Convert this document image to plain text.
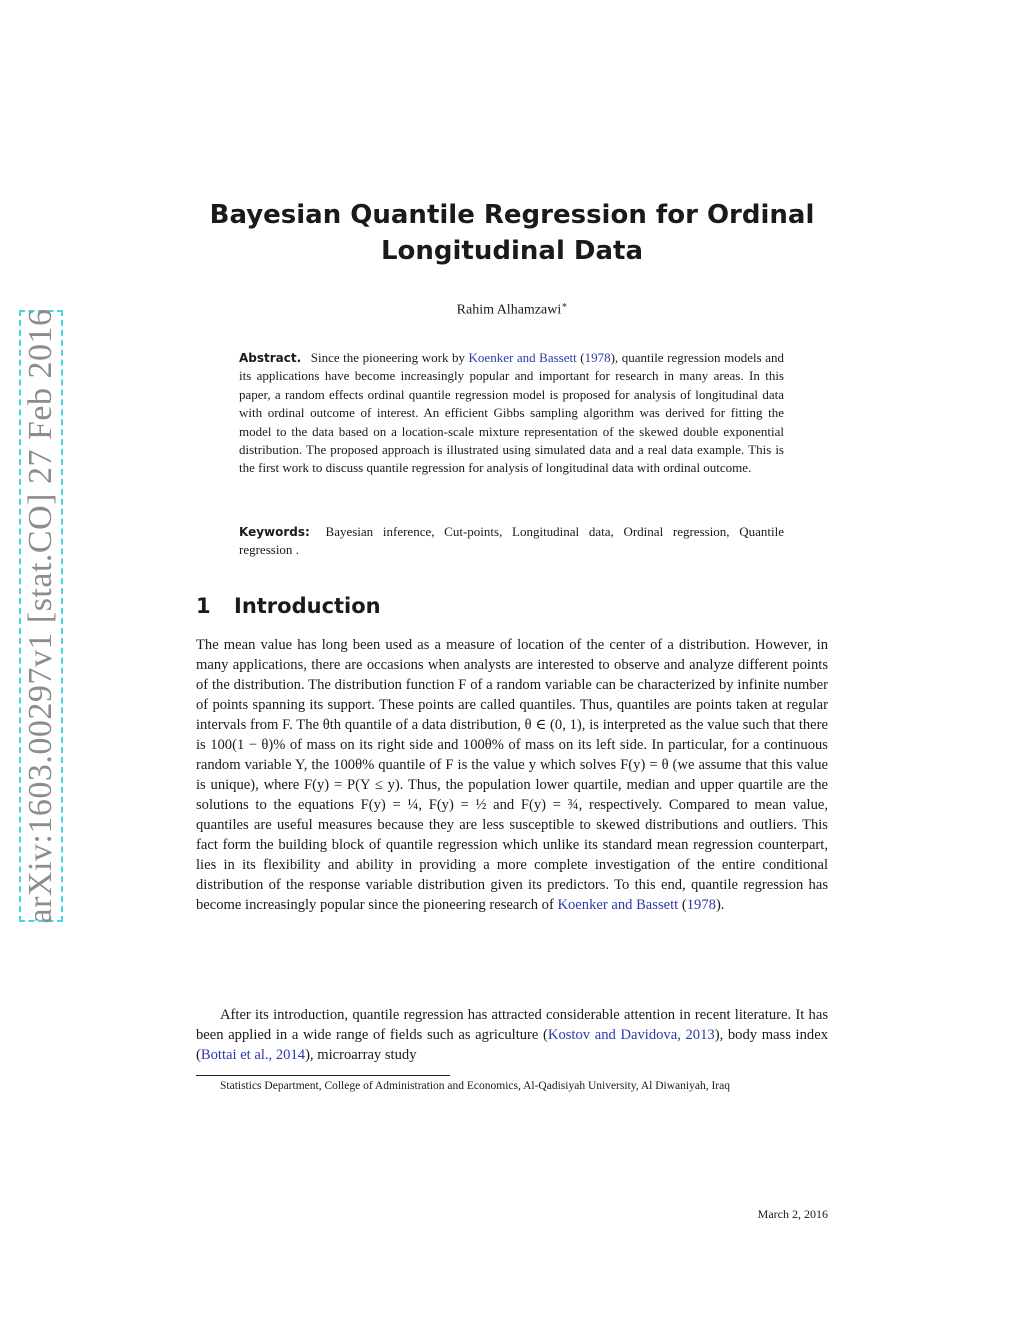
arXiv:1603.00297v1 [stat.CO] 27 Feb 2016
Bayesian Quantile Regression for Ordinal
Longitudinal Data
Rahim Alhamzawi∗
Abstract. Since the pioneering work by Koenker and Bassett (1978), quantile regression models and its applications have become increasingly popular and important for research in many areas. In this paper, a random effects ordinal quantile regression model is proposed for analysis of longitudinal data with ordinal outcome of interest. An efficient Gibbs sampling algorithm was derived for fitting the model to the data based on a location-scale mixture representation of the skewed double exponential distribution. The proposed approach is illustrated using simulated data and a real data example. This is the first work to discuss quantile regression for analysis of longitudinal data with ordinal outcome.
Keywords: Bayesian inference, Cut-points, Longitudinal data, Ordinal regression, Quantile regression .
1 Introduction
The mean value has long been used as a measure of location of the center of a distribution. However, in many applications, there are occasions when analysts are interested to observe and analyze different points of the distribution. The distribution function F of a random variable can be characterized by infinite number of points spanning its support. These points are called quantiles. Thus, quantiles are points taken at regular intervals from F. The θth quantile of a data distribution, θ ∈ (0, 1), is interpreted as the value such that there is 100(1 − θ)% of mass on its right side and 100θ% of mass on its left side. In particular, for a continuous random variable Y, the 100θ% quantile of F is the value y which solves F(y) = θ (we assume that this value is unique), where F(y) = P(Y ≤ y). Thus, the population lower quartile, median and upper quartile are the solutions to the equations F(y) = ¼, F(y) = ½ and F(y) = ¾, respectively. Compared to mean value, quantiles are useful measures because they are less susceptible to skewed distributions and outliers. This fact form the building block of quantile regression which unlike its standard mean regression counterpart, lies in its flexibility and ability in providing a more complete investigation of the entire conditional distribution of the response variable distribution given its predictors. To this end, quantile regression has become increasingly popular since the pioneering research of Koenker and Bassett (1978).
After its introduction, quantile regression has attracted considerable attention in recent literature. It has been applied in a wide range of fields such as agriculture (Kostov and Davidova, 2013), body mass index (Bottai et al., 2014), microarray study
Statistics Department, College of Administration and Economics, Al-Qadisiyah University, Al Diwaniyah, Iraq
March 2, 2016
